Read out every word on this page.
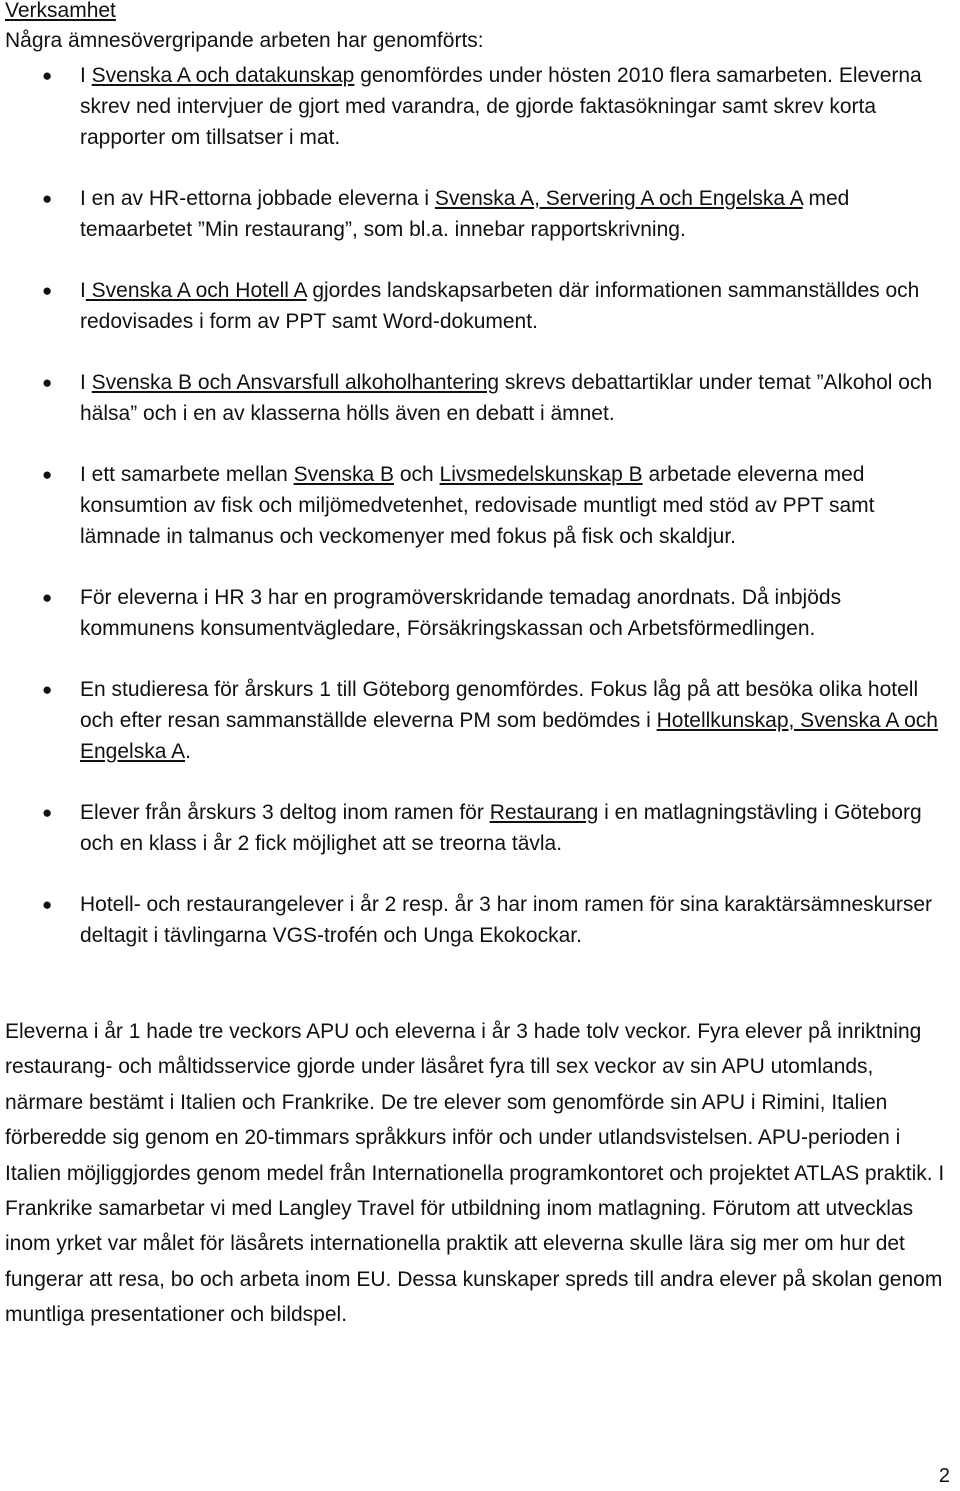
Verksamhet
Några ämnesövergripande arbeten har genomförts:
● I Svenska A och datakunskap genomfördes under hösten 2010 flera samarbeten. Eleverna skrev ned intervjuer de gjort med varandra, de gjorde faktasökningar samt skrev korta rapporter om tillsatser i mat.
● I en av HR-ettorna jobbade eleverna i Svenska A, Servering A och Engelska A med temaarbetet ”Min restaurang”, som bl.a. innebar rapportskrivning.
● I Svenska A och Hotell A gjordes landskapsarbeten där informationen sammanställdes och redovisades i form av PPT samt Word-dokument.
● I Svenska B och Ansvarsfull alkoholhantering skrevs debattartiklar under temat ”Alkohol och hälsa” och i en av klasserna hölls även en debatt i ämnet.
● I ett samarbete mellan Svenska B och Livsmedelskunskap B arbetade eleverna med konsumtion av fisk och miljömedvetenhet, redovisade muntligt med stöd av PPT samt lämnade in talmanus och veckomenyer med fokus på fisk och skaldjur.
● För eleverna i HR 3 har en programöverskridande temadag anordnats. Då inbjöds kommunens konsumentvägledare, Försäkringskassan och Arbetsförmedlingen.
● En studieresa för årskurs 1 till Göteborg genomfördes. Fokus låg på att besöka olika hotell och efter resan sammanställde eleverna PM som bedömdes i Hotellkunskap, Svenska A och Engelska A.
● Elever från årskurs 3 deltog inom ramen för Restaurang i en matlagningstävling i Göteborg och en klass i år 2 fick möjlighet att se treorna tävla.
● Hotell- och restaurangelever i år 2 resp. år 3 har inom ramen för sina karaktärsämneskurser deltagit i tävlingarna VGS-trofén och Unga Ekokockar.
Eleverna i år 1 hade tre veckors APU och eleverna i år 3 hade tolv veckor. Fyra elever på inriktning restaurang- och måltidsservice gjorde under läsåret fyra till sex veckor av sin APU utomlands, närmare bestämt i Italien och Frankrike. De tre elever som genomförde sin APU i Rimini, Italien förberedde sig genom en 20-timmars språkkurs inför och under utlandsvistelsen. APU-perioden i Italien möjliggjordes genom medel från Internationella programkontoret och projektet ATLAS praktik. I Frankrike samarbetar vi med Langley Travel för utbildning inom matlagning. Förutom att utvecklas inom yrket var målet för läsårets internationella praktik att eleverna skulle lära sig mer om hur det fungerar att resa, bo och arbeta inom EU. Dessa kunskaper spreds till andra elever på skolan genom muntliga presentationer och bildspel.
2
